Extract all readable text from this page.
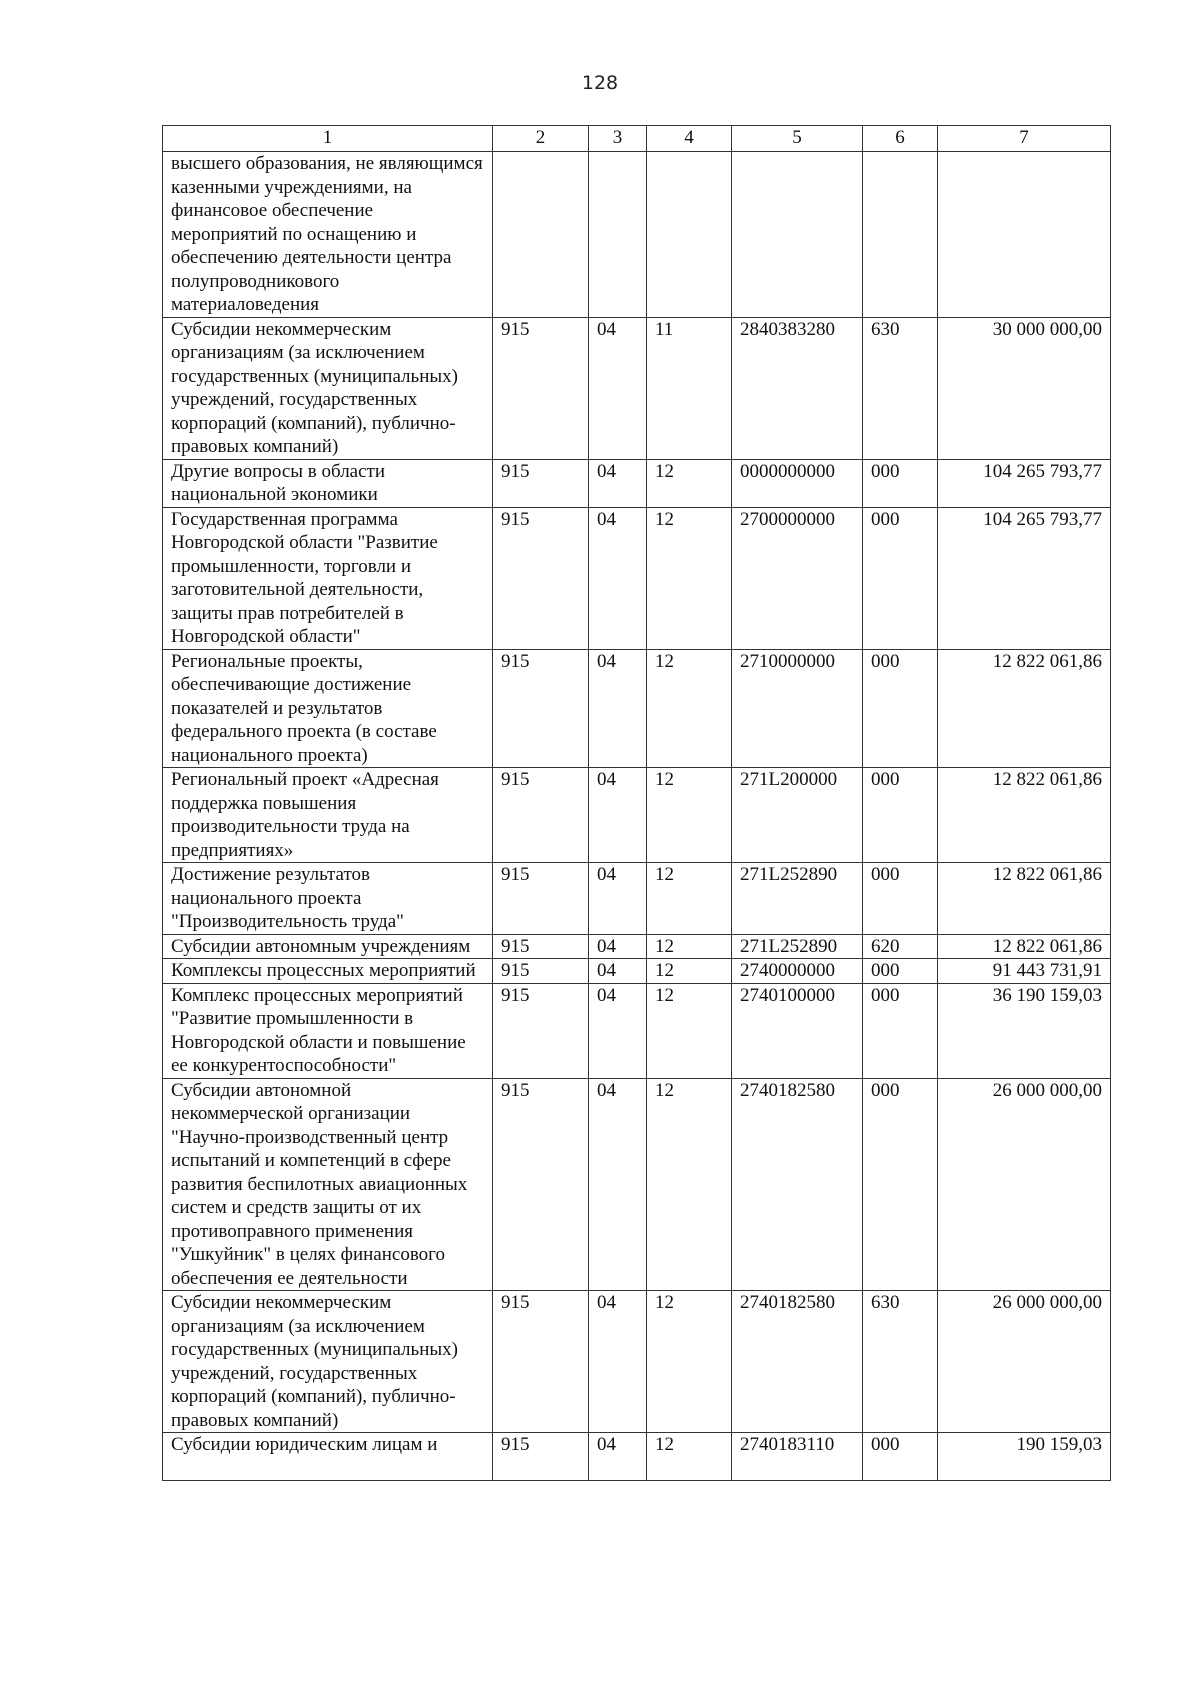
128
1	2	3	4	5	6	7
высшего образования, не являющимся казенными учреждениями, на финансовое обеспечение мероприятий по оснащению и обеспечению деятельности центра полупроводникового материаловедения						
Субсидии некоммерческим организациям (за исключением государственных (муниципальных) учреждений, государственных корпораций (компаний), публично-правовых компаний)	915	04	11	2840383280	630	30 000 000,00
Другие вопросы в области национальной экономики	915	04	12	0000000000	000	104 265 793,77
Государственная программа Новгородской области "Развитие промышленности, торговли и заготовительной деятельности, защиты прав потребителей в Новгородской области"	915	04	12	2700000000	000	104 265 793,77
Региональные проекты, обеспечивающие достижение показателей и результатов федерального проекта (в составе национального проекта)	915	04	12	2710000000	000	12 822 061,86
Региональный проект «Адресная поддержка повышения производительности труда на предприятиях»	915	04	12	271L200000	000	12 822 061,86
Достижение результатов национального проекта "Производительность труда"	915	04	12	271L252890	000	12 822 061,86
Субсидии автономным учреждениям	915	04	12	271L252890	620	12 822 061,86
Комплексы процессных мероприятий	915	04	12	2740000000	000	91 443 731,91
Комплекс процессных мероприятий "Развитие промышленности в Новгородской области и повышение ее конкурентоспособности"	915	04	12	2740100000	000	36 190 159,03
Субсидии автономной некоммерческой организации "Научно-производственный центр испытаний и компетенций в сфере развития беспилотных авиационных систем и средств защиты от их противоправного применения "Ушкуйник" в целях финансового обеспечения ее деятельности	915	04	12	2740182580	000	26 000 000,00
Субсидии некоммерческим организациям (за исключением государственных (муниципальных) учреждений, государственных корпораций (компаний), публично-правовых компаний)	915	04	12	2740182580	630	26 000 000,00
Субсидии юридическим лицам и	915	04	12	2740183110	000	190 159,03
